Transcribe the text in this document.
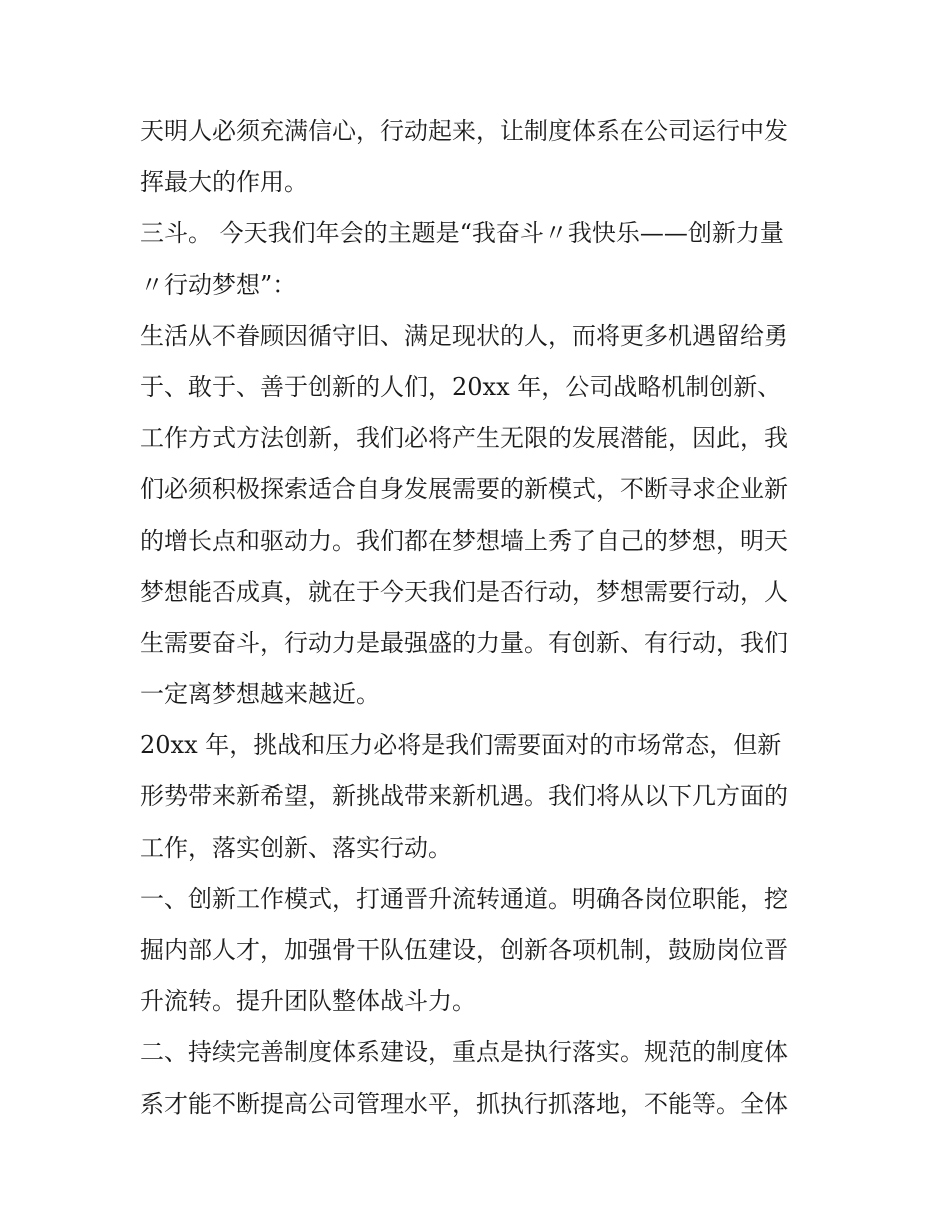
天明人必须充满信心，行动起来，让制度体系在公司运行中发
挥最大的作用。
三斗。 今天我们年会的主题是“我奋斗〃我快乐——创新力量
〃行动梦想”：
生活从不眷顾因循守旧、满足现状的人，而将更多机遇留给勇
于、敢于、善于创新的人们，20xx 年，公司战略机制创新、
工作方式方法创新，我们必将产生无限的发展潜能，因此，我
们必须积极探索适合自身发展需要的新模式，不断寻求企业新
的增长点和驱动力。我们都在梦想墙上秀了自己的梦想，明天
梦想能否成真，就在于今天我们是否行动，梦想需要行动，人
生需要奋斗，行动力是最强盛的力量。有创新、有行动，我们
一定离梦想越来越近。
20xx 年，挑战和压力必将是我们需要面对的市场常态，但新
形势带来新希望，新挑战带来新机遇。我们将从以下几方面的
工作，落实创新、落实行动。
一、创新工作模式，打通晋升流转通道。明确各岗位职能，挖
掘内部人才，加强骨干队伍建设，创新各项机制，鼓励岗位晋
升流转。提升团队整体战斗力。
二、持续完善制度体系建设，重点是执行落实。规范的制度体
系才能不断提高公司管理水平，抓执行抓落地，不能等。全体
